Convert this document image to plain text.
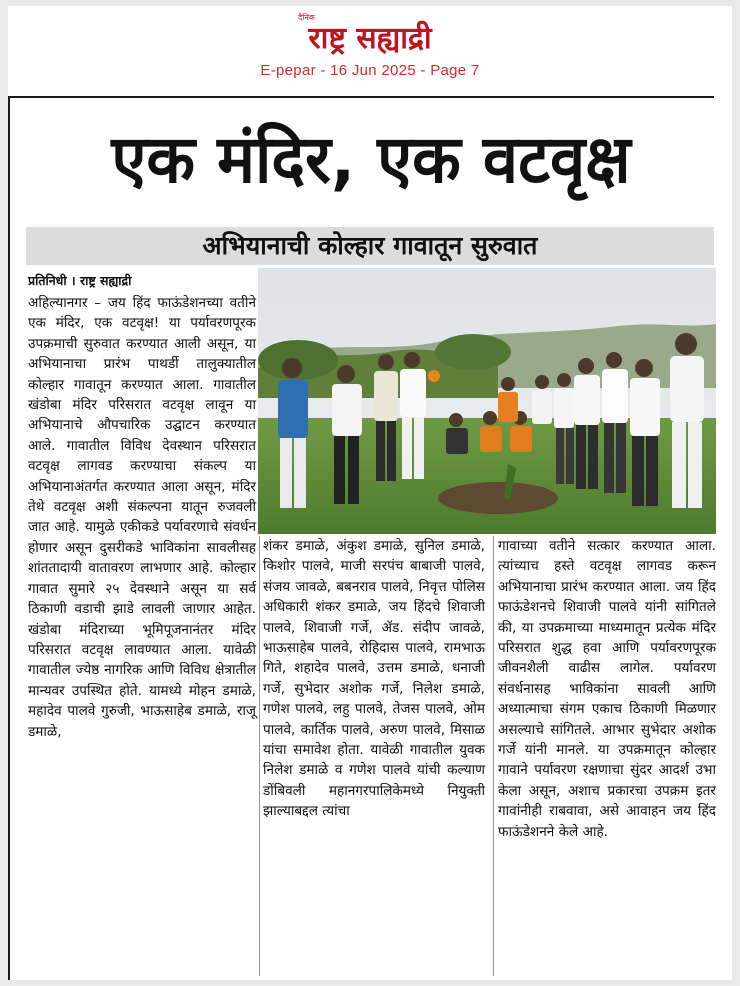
दैनिक
राष्ट्र सह्याद्री
E-pepar - 16 Jun 2025 - Page 7
एक मंदिर, एक वटवृक्ष
अभियानाची कोल्हार गावातून सुरुवात
प्रतिनिधी । राष्ट्र सह्याद्री
अहिल्यानगर – जय हिंद फाऊंडेशनच्या वतीने एक मंदिर, एक वटवृक्ष! या पर्यावरणपूरक उपक्रमाची सुरुवात करण्यात आली असून, या अभियानाचा प्रारंभ पाथर्डी तालुक्यातील कोल्हार गावातून करण्यात आला. गावातील खंडोबा मंदिर परिसरात वटवृक्ष लावून या अभियानाचे औपचारिक उद्घाटन करण्यात आले. गावातील विविध देवस्थान परिसरात वटवृक्ष लागवड करण्याचा संकल्प या अभियानाअंतर्गत करण्यात आला असून, मंदिर तेथे वटवृक्ष अशी संकल्पना यातून रुजवली जात आहे. यामुळे एकीकडे पर्यावरणाचे संवर्धन होणार असून दुसरीकडे भाविकांना सावलीसह शांततादायी वातावरण लाभणार आहे. कोल्हार गावात सुमारे २५ देवस्थाने असून या सर्व ठिकाणी वडाची झाडे लावली जाणार आहेत. खंडोबा मंदिराच्या भूमिपूजनानंतर मंदिर परिसरात वटवृक्ष लावण्यात आला. यावेळी गावातील ज्येष्ठ नागरिक आणि विविध क्षेत्रातील मान्यवर उपस्थित होते. यामध्ये मोहन डमाळे, महादेव पालवे गुरुजी, भाऊसाहेब डमाळे, राजू डमाळे,
शंकर डमाळे, अंकुश डमाळे, सुनिल डमाळे, किशोर पालवे, माजी सरपंच बाबाजी पालवे, संजय जावळे, बबनराव पालवे, निवृत्त पोलिस अधिकारी शंकर डमाळे, जय हिंदचे शिवाजी पालवे, शिवाजी गर्जे, ॲड. संदीप जावळे, भाऊसाहेब पालवे, रोहिदास पालवे, रामभाऊ गिते, शहादेव पालवे, उत्तम डमाळे, धनाजी गर्जे, सुभेदार अशोक गर्जे, निलेश डमाळे, गणेश पालवे, लहु पालवे, तेजस पालवे, ओम पालवे, कार्तिक पालवे, अरुण पालवे, मिसाळ यांचा समावेश होता. यावेळी गावातील युवक निलेश डमाळे व गणेश पालवे यांची कल्याण डोंबिवली महानगरपालिकेमध्ये नियुक्ती झाल्याबद्दल त्यांचा
गावाच्या वतीने सत्कार करण्यात आला. त्यांच्याच हस्ते वटवृक्ष लागवड करून अभियानाचा प्रारंभ करण्यात आला. जय हिंद फाऊंडेशनचे शिवाजी पालवे यांनी सांगितले की, या उपक्रमाच्या माध्यमातून प्रत्येक मंदिर परिसरात शुद्ध हवा आणि पर्यावरणपूरक जीवनशैली वाढीस लागेल. पर्यावरण संवर्धनासह भाविकांना सावली आणि अध्यात्माचा संगम एकाच ठिकाणी मिळणार असल्याचे सांगितले. आभार सुभेदार अशोक गर्जे यांनी मानले. या उपक्रमातून कोल्हार गावाने पर्यावरण रक्षणाचा सुंदर आदर्श उभा केला असून, अशाच प्रकारचा उपक्रम इतर गावांनीही राबवावा, असे आवाहन जय हिंद फाऊंडेशनने केले आहे.
